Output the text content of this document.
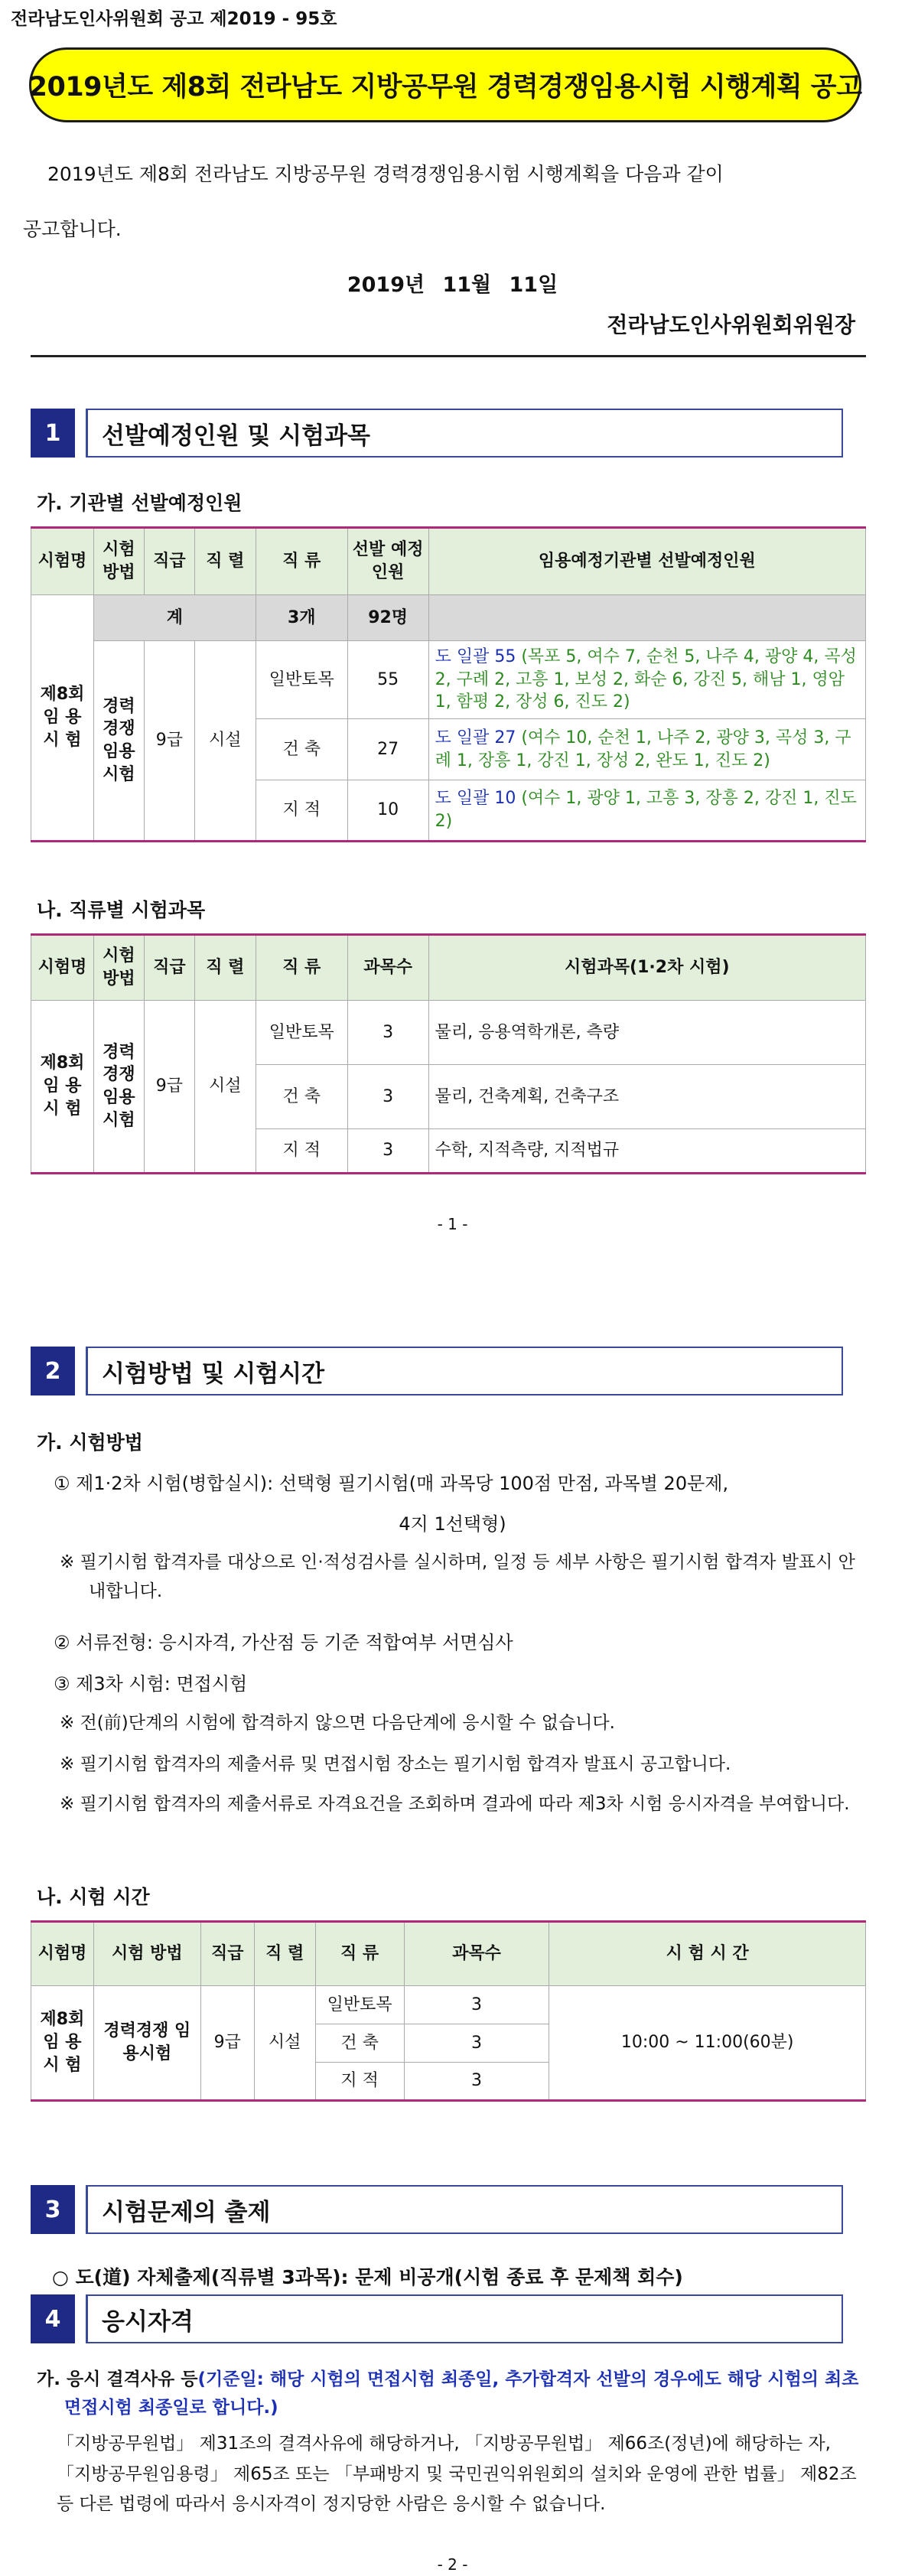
전라남도인사위원회 공고 제2019 - 95호
2019년도 제8회 전라남도 지방공무원 경력경쟁임용시험 시행계획 공고
2019년도 제8회 전라남도 지방공무원 경력경쟁임용시험 시행계획을 다음과 같이
공고합니다.
2019년 11월 11일
전라남도인사위원회위원장
1	선발예정인원 및 시험과목
가. 기관별 선발예정인원
시험명	시험 방법	직급	직 렬	직 류	선발 예정 인원	임용예정기관별 선발예정인원
제8회 임 용 시 험	계			3개	92명	
	경력 경쟁 임용 시험	9급	시설	일반토목	55	도 일괄 55 (목포 5, 여수 7, 순천 5, 나주 4, 광양 4, 곡성 2, 구례 2, 고흥 1, 보성 2, 화순 6, 강진 5, 해남 1, 영암 1, 함평 2, 장성 6, 진도 2)
				건 축	27	도 일괄 27 (여수 10, 순천 1, 나주 2, 광양 3, 곡성 3, 구례 1, 장흥 1, 강진 1, 장성 2, 완도 1, 진도 2)
				지 적	10	도 일괄 10 (여수 1, 광양 1, 고흥 3, 장흥 2, 강진 1, 진도 2)
나. 직류별 시험과목
시험명	시험 방법	직급	직 렬	직 류	과목수	시험과목(1·2차 시험)
제8회 임 용 시 험	경력 경쟁 임용 시험	9급	시설	일반토목	3	물리, 응용역학개론, 측량
				건 축	3	물리, 건축계획, 건축구조
				지 적	3	수학, 지적측량, 지적법규
- 1 -
2	시험방법 및 시험시간
가. 시험방법
① 제1·2차 시험(병합실시): 선택형 필기시험(매 과목당 100점 만점, 과목별 20문제,
4지 1선택형)
※ 필기시험 합격자를 대상으로 인·적성검사를 실시하며, 일정 등 세부 사항은 필기시험 합격자 발표시 안내합니다.
② 서류전형: 응시자격, 가산점 등 기준 적합여부 서면심사
③ 제3차 시험: 면접시험
※ 전(前)단계의 시험에 합격하지 않으면 다음단계에 응시할 수 없습니다.
※ 필기시험 합격자의 제출서류 및 면접시험 장소는 필기시험 합격자 발표시 공고합니다.
※ 필기시험 합격자의 제출서류로 자격요건을 조회하며 결과에 따라 제3차 시험 응시자격을 부여합니다.
나. 시험 시간
시험명	시험 방법	직급	직 렬	직 류	과목수	시 험 시 간
제8회 임 용 시 험	경력경쟁 임용시험	9급	시설	일반토목	3	10:00 ~ 11:00(60분)
				건 축	3	
				지 적	3	
3	시험문제의 출제
○ 도(道) 자체출제(직류별 3과목): 문제 비공개(시험 종료 후 문제책 회수)
4	응시자격
가. 응시 결격사유 등(기준일: 해당 시험의 면접시험 최종일, 추가합격자 선발의 경우에도 해당 시험의 최초 면접시험 최종일로 합니다.)
「지방공무원법」 제31조의 결격사유에 해당하거나, 「지방공무원법」 제66조(정년)에 해당하는 자, 「지방공무원임용령」 제65조 또는 「부패방지 및 국민권익위원회의 설치와 운영에 관한 법률」 제82조 등 다른 법령에 따라서 응시자격이 정지당한 사람은 응시할 수 없습니다.
- 2 -
